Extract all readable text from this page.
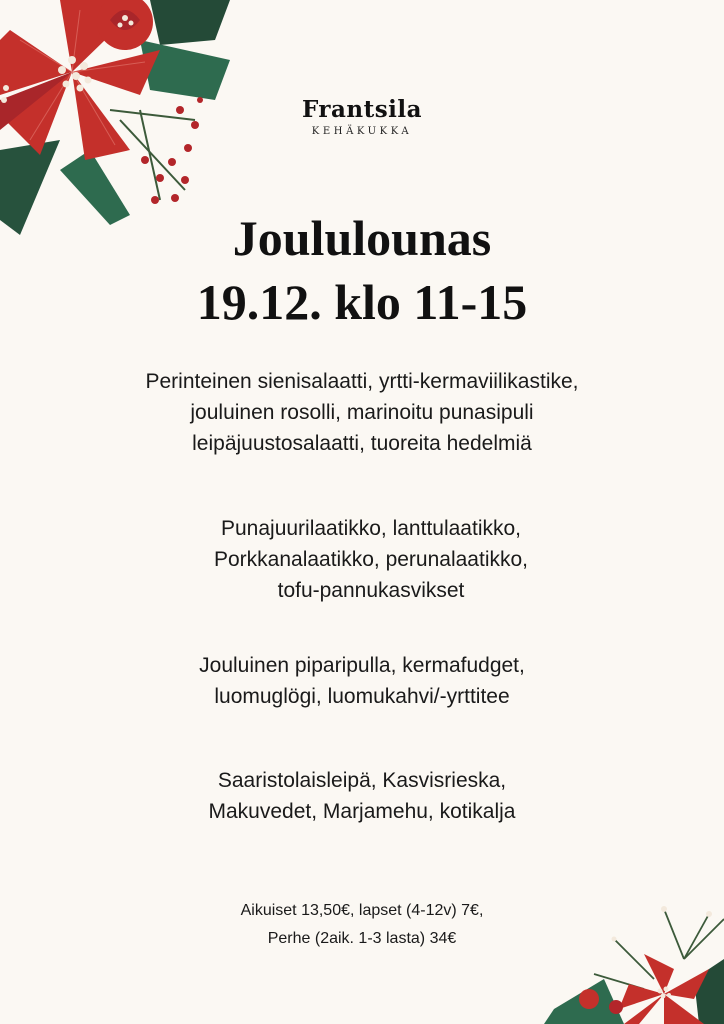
Frantsila
KEHÄKUKKA
Joululounas
19.12. klo 11-15
Perinteinen sienisalaatti, yrtti-kermaviilikastike,
jouluinen rosolli, marinoitu punasipuli
leipäjuustosalaatti, tuoreita hedelmiä
Punajuurilaatikko, lanttulaatikko,
Porkkanalaatikko, perunalaatikko,
tofu-pannukasvikset
Jouluinen piparipulla, kermafudget,
luomuglögi, luomukahvi/-yrttitee
Saaristolaisleipä, Kasvisrieska,
Makuvedet, Marjamehu, kotikalja
Aikuiset 13,50€, lapset (4-12v) 7€,
Perhe (2aik. 1-3 lasta) 34€
